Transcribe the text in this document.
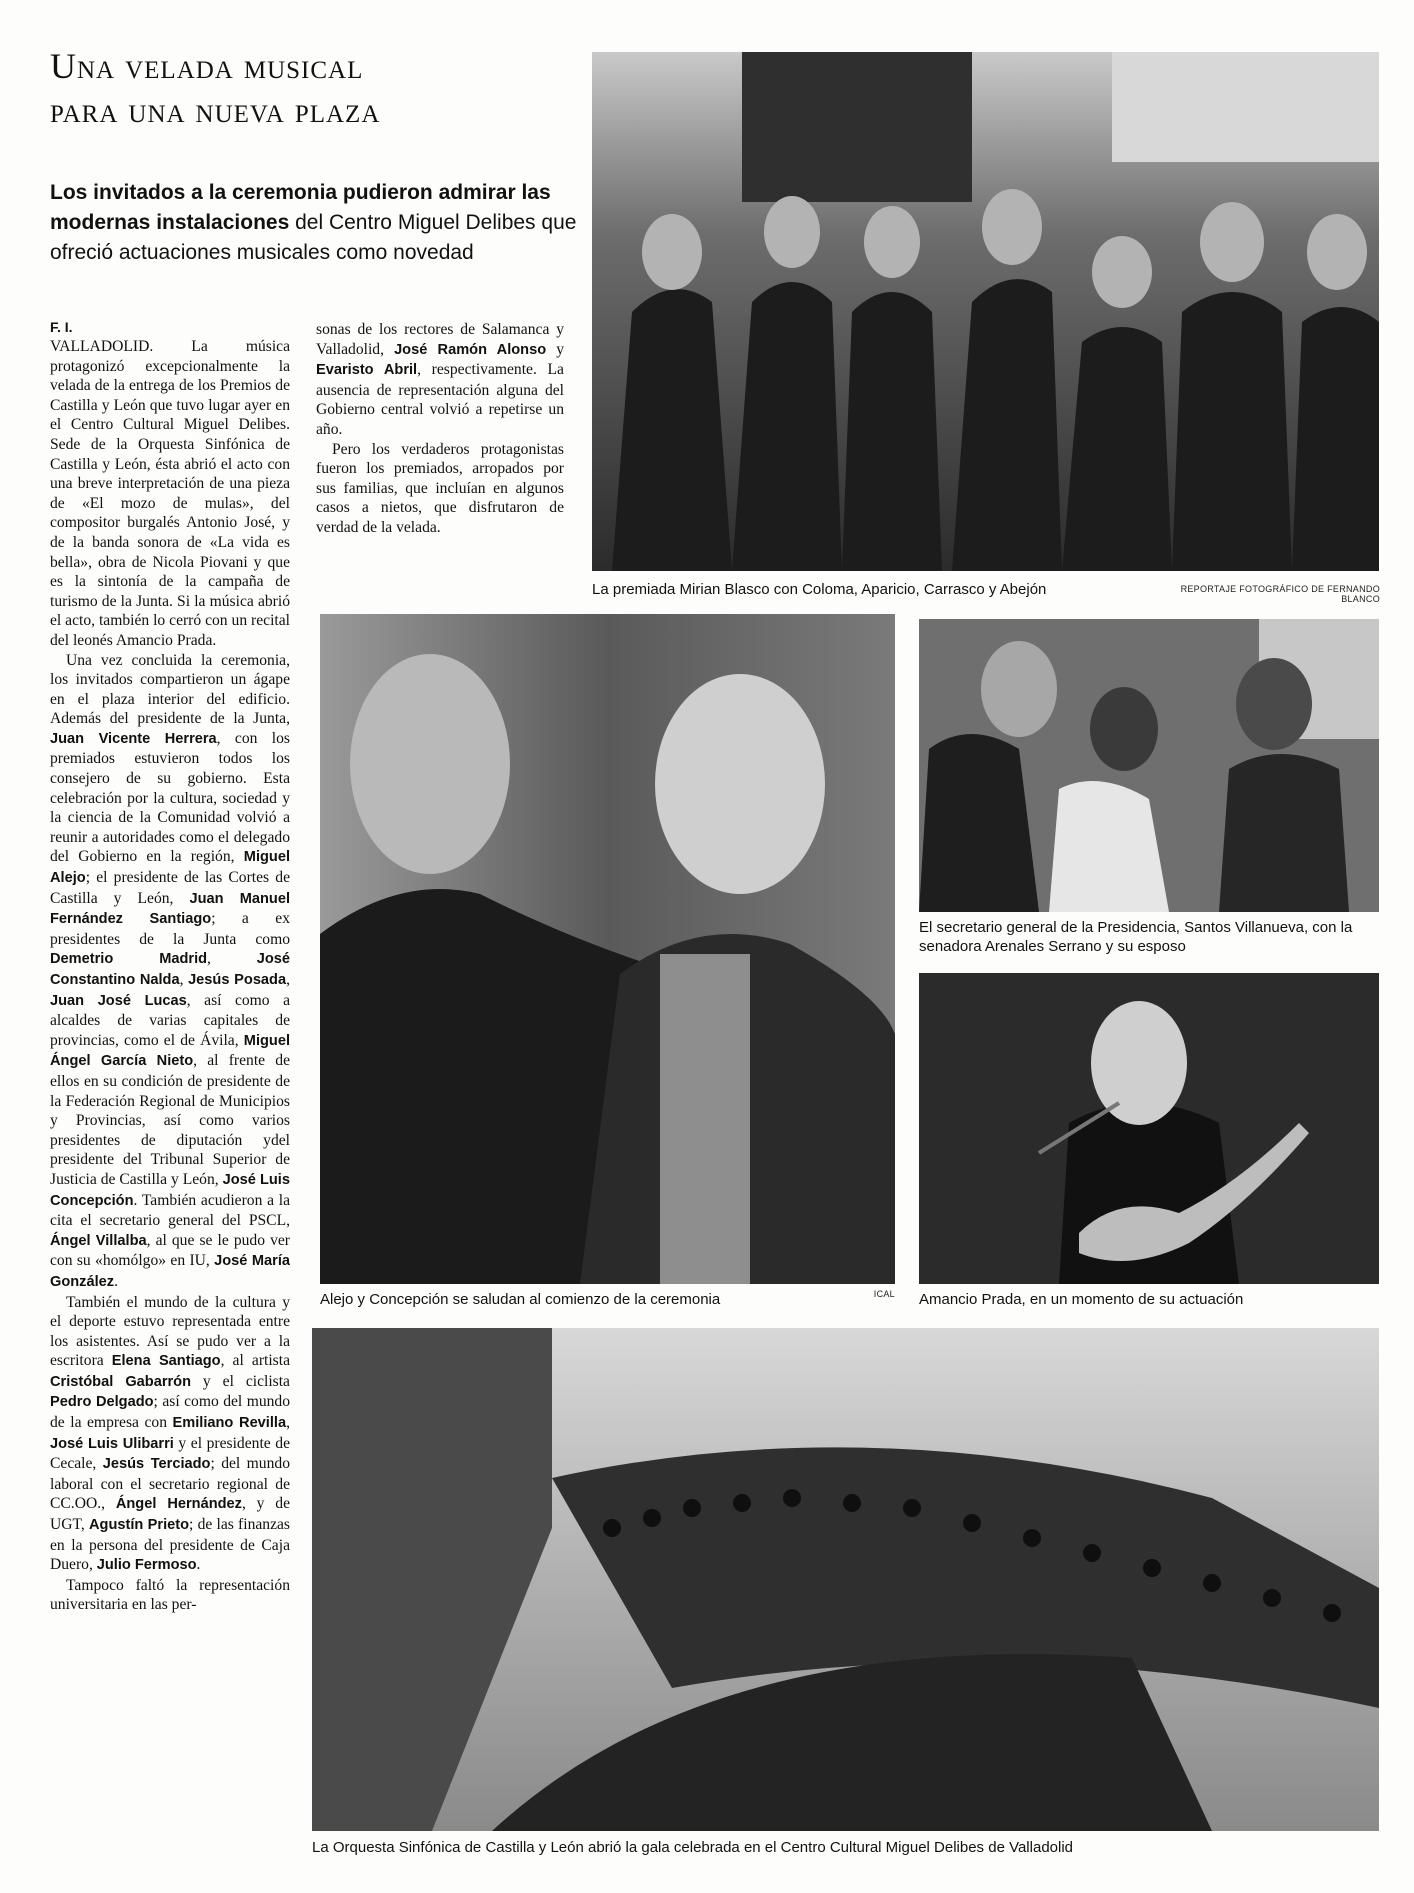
Una velada musical
para una nueva plaza

Los invitados a la ceremonia pudieron admirar las modernas instalaciones del Centro Miguel Delibes que ofreció actuaciones musicales como novedad

F. I.

VALLADOLID. La música protagonizó excepcionalmente la velada de la entrega de los Premios de Castilla y León que tuvo lugar ayer en el Centro Cultural Miguel Delibes. Sede de la Orquesta Sinfónica de Castilla y León, ésta abrió el acto con una breve interpretación de una pieza de «El mozo de mulas», del compositor burgalés Antonio José, y de la banda sonora de «La vida es bella», obra de Nicola Piovani y que es la sintonía de la campaña de turismo de la Junta. Si la música abrió el acto, también lo cerró con un recital del leonés Amancio Prada.

Una vez concluida la ceremonia, los invitados compartieron un ágape en el plaza interior del edificio. Además del presidente de la Junta, Juan Vicente Herrera, con los premiados estuvieron todos los consejero de su gobierno. Esta celebración por la cultura, sociedad y la ciencia de la Comunidad volvió a reunir a autoridades como el delegado del Gobierno en la región, Miguel Alejo; el presidente de las Cortes de Castilla y León, Juan Manuel Fernández Santiago; a ex presidentes de la Junta como Demetrio Madrid, José Constantino Nalda, Jesús Posada, Juan José Lucas, así como a alcaldes de varias capitales de provincias, como el de Ávila, Miguel Ángel García Nieto, al frente de ellos en su condición de presidente de la Federación Regional de Municipios y Provincias, así como varios presidentes de diputación ydel presidente del Tribunal Superior de Justicia de Castilla y León, José Luis Concepción. También acudieron a la cita el secretario general del PSCL, Ángel Villalba, al que se le pudo ver con su «homólgo» en IU, José María González.

También el mundo de la cultura y el deporte estuvo representada entre los asistentes. Así se pudo ver a la escritora Elena Santiago, al artista Cristóbal Gabarrón y el ciclista Pedro Delgado; así como del mundo de la empresa con Emiliano Revilla, José Luis Ulibarri y el presidente de Cecale, Jesús Terciado; del mundo laboral con el secretario regional de CC.OO., Ángel Hernández, y de UGT, Agustín Prieto; de las finanzas en la persona del presidente de Caja Duero, Julio Fermoso.

Tampoco faltó la representación universitaria en las per-

sonas de los rectores de Salamanca y Valladolid, José Ramón Alonso y Evaristo Abril, respectivamente. La ausencia de representación alguna del Gobierno central volvió a repetirse un año.

Pero los verdaderos protagonistas fueron los premiados, arropados por sus familias, que incluían en algunos casos a nietos, que disfrutaron de verdad de la velada.

La premiada Mirian Blasco con Coloma, Aparicio, Carrasco y Abejón	REPORTAJE FOTOGRÁFICO DE FERNANDO BLANCO
Alejo y Concepción se saludan al comienzo de la ceremonia	ICAL
El secretario general de la Presidencia, Santos Villanueva, con la senadora Arenales Serrano y su esposo
Amancio Prada, en un momento de su actuación
La Orquesta Sinfónica de Castilla y León abrió la gala celebrada en el Centro Cultural Miguel Delibes de Valladolid
